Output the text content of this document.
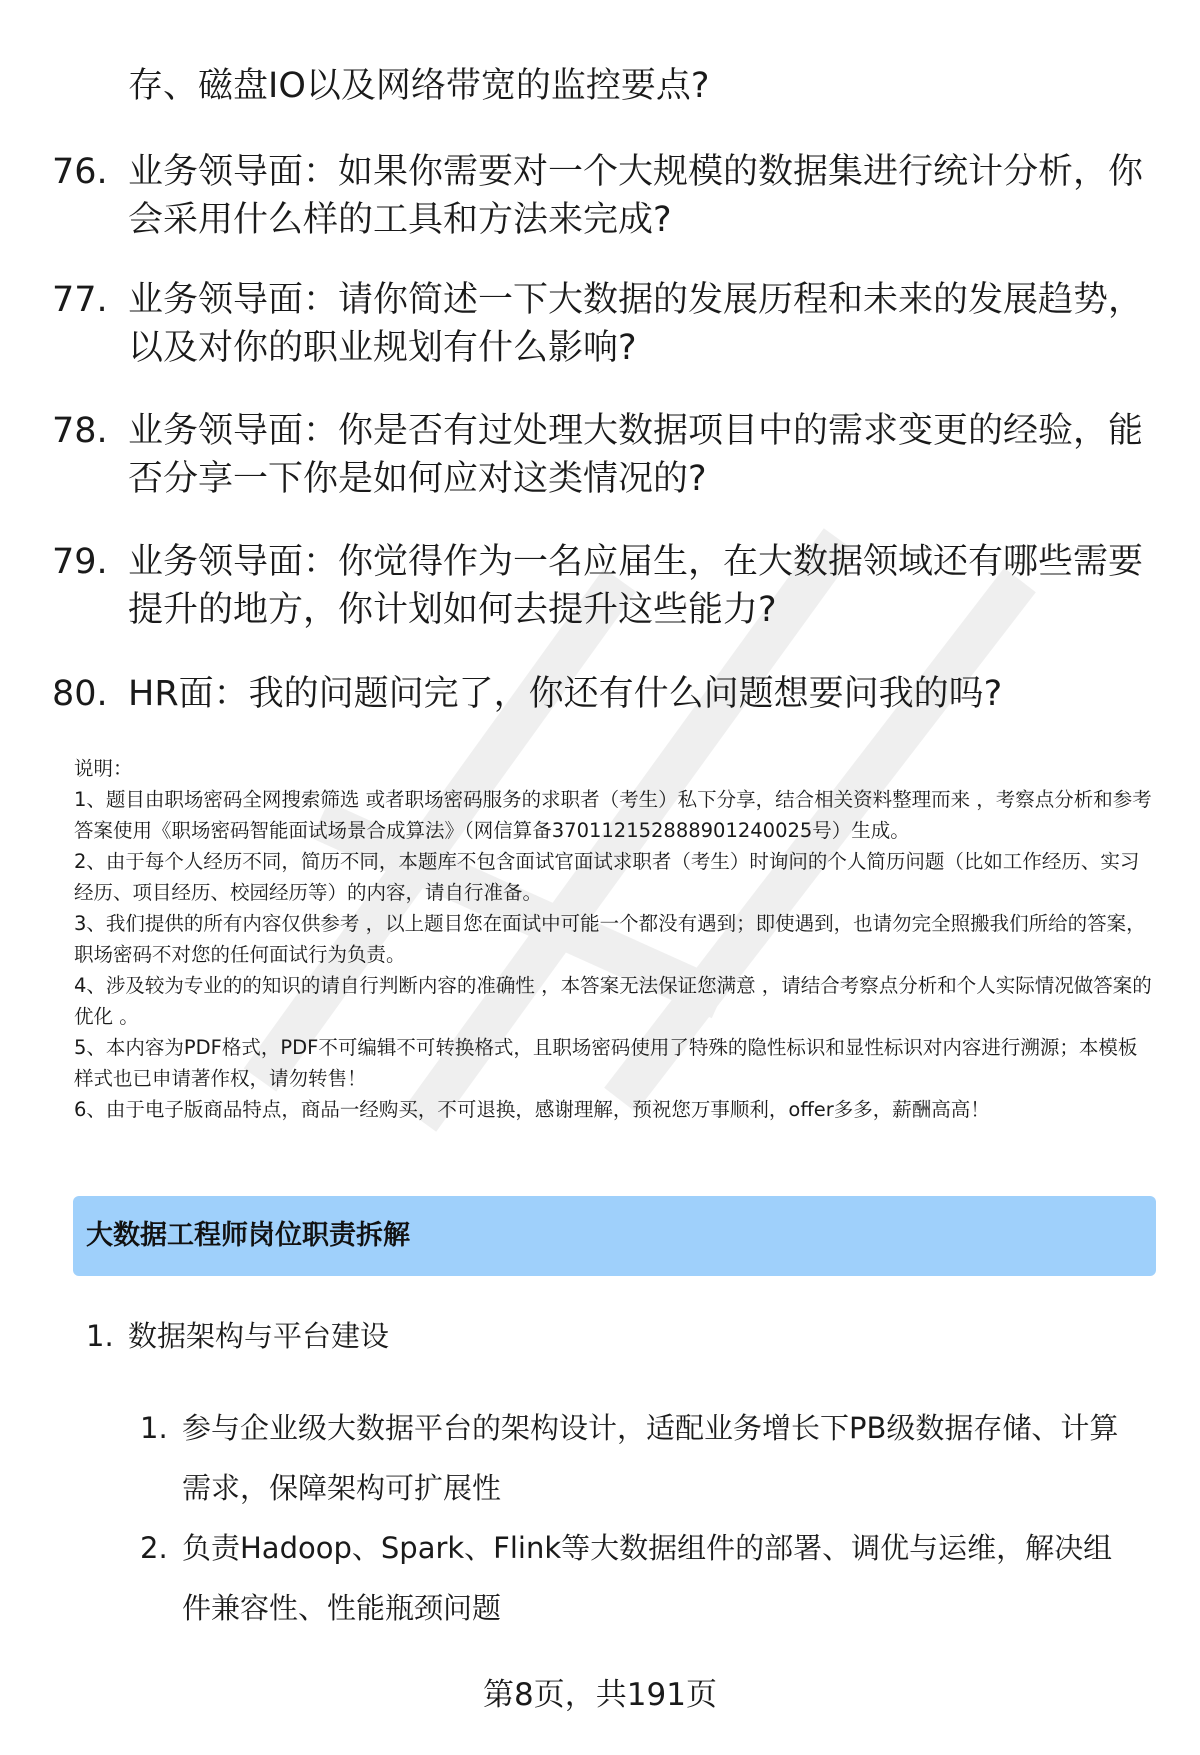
存、磁盘IO以及网络带宽的监控要点?
76. 业务领导面：如果你需要对一个大规模的数据集进行统计分析，你会采用什么样的工具和方法来完成?
77. 业务领导面：请你简述一下大数据的发展历程和未来的发展趋势，以及对你的职业规划有什么影响?
78. 业务领导面：你是否有过处理大数据项目中的需求变更的经验，能否分享一下你是如何应对这类情况的?
79. 业务领导面：你觉得作为一名应届生，在大数据领域还有哪些需要提升的地方，你计划如何去提升这些能力?
80. HR面：我的问题问完了，你还有什么问题想要问我的吗?

说明：

1、题目由职场密码全网搜索筛选 或者职场密码服务的求职者（考生）私下分享，结合相关资料整理而来 ，考察点分析和参考答案使用《职场密码智能面试场景合成算法》（网信算备370112152888901240025号）生成。

2、由于每个人经历不同，简历不同，本题库不包含面试官面试求职者（考生）时询问的个人简历问题（比如工作经历、实习经历、项目经历、校园经历等）的内容，请自行准备。

3、我们提供的所有内容仅供参考 ，以上题目您在面试中可能一个都没有遇到；即使遇到，也请勿完全照搬我们所给的答案，职场密码不对您的任何面试行为负责。

4、涉及较为专业的的知识的请自行判断内容的准确性 ，本答案无法保证您满意 ，请结合考察点分析和个人实际情况做答案的优化 。

5、本内容为PDF格式，PDF不可编辑不可转换格式，且职场密码使用了特殊的隐性标识和显性标识对内容进行溯源；本模板样式也已申请著作权，请勿转售！

6、由于电子版商品特点，商品一经购买，不可退换，感谢理解，预祝您万事顺利，offer多多，薪酬高高！

大数据工程师岗位职责拆解
1. 数据架构与平台建设
1. 参与企业级大数据平台的架构设计，适配业务增长下PB级数据存储、计算需求，保障架构可扩展性
2. 负责Hadoop、Spark、Flink等大数据组件的部署、调优与运维，解决组件兼容性、性能瓶颈问题
第8页，共191页
